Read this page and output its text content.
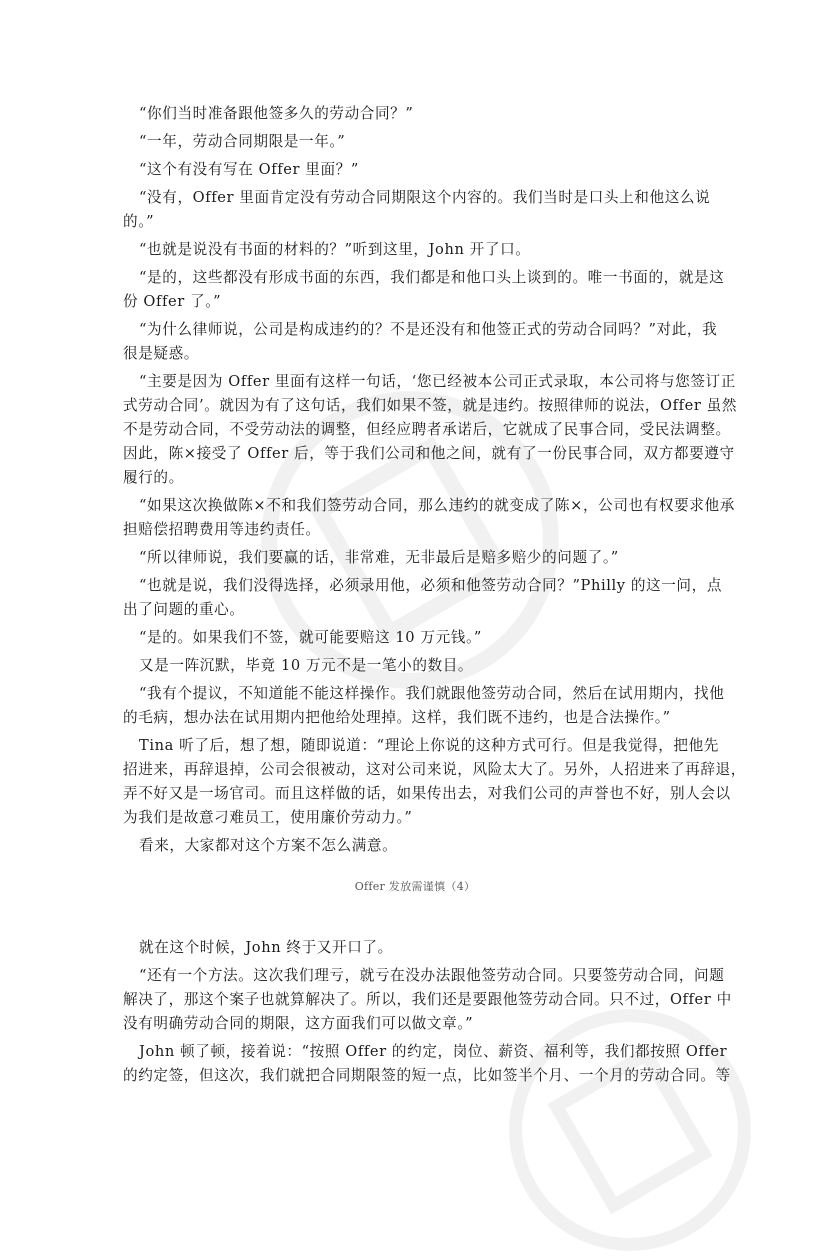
“你们当时准备跟他签多久的劳动合同？”
“一年，劳动合同期限是一年。”
“这个有没有写在 Offer 里面？”
“没有，Offer 里面肯定没有劳动合同期限这个内容的。我们当时是口头上和他这么说
的。”
“也就是说没有书面的材料的？”听到这里，John 开了口。
“是的，这些都没有形成书面的东西，我们都是和他口头上谈到的。唯一书面的，就是这
份 Offer 了。”
“为什么律师说，公司是构成违约的？不是还没有和他签正式的劳动合同吗？”对此，我
很是疑惑。
“主要是因为 Offer 里面有这样一句话，‘您已经被本公司正式录取，本公司将与您签订正
式劳动合同’。就因为有了这句话，我们如果不签，就是违约。按照律师的说法，Offer 虽然
不是劳动合同，不受劳动法的调整，但经应聘者承诺后，它就成了民事合同，受民法调整。
因此，陈×接受了 Offer 后，等于我们公司和他之间，就有了一份民事合同，双方都要遵守
履行的。
“如果这次换做陈×不和我们签劳动合同，那么违约的就变成了陈×，公司也有权要求他承
担赔偿招聘费用等违约责任。
“所以律师说，我们要赢的话，非常难，无非最后是赔多赔少的问题了。”
“也就是说，我们没得选择，必须录用他，必须和他签劳动合同？”Philly 的这一问，点
出了问题的重心。
“是的。如果我们不签，就可能要赔这 10 万元钱。”
又是一阵沉默，毕竟 10 万元不是一笔小的数目。
“我有个提议，不知道能不能这样操作。我们就跟他签劳动合同，然后在试用期内，找他
的毛病，想办法在试用期内把他给处理掉。这样，我们既不违约，也是合法操作。”
Tina 听了后，想了想，随即说道：“理论上你说的这种方式可行。但是我觉得，把他先
招进来，再辞退掉，公司会很被动，这对公司来说，风险太大了。另外，人招进来了再辞退，
弄不好又是一场官司。而且这样做的话，如果传出去，对我们公司的声誉也不好，别人会以
为我们是故意刁难员工，使用廉价劳动力。”
看来，大家都对这个方案不怎么满意。
Offer 发放需谨慎（4）
就在这个时候，John 终于又开口了。
“还有一个方法。这次我们理亏，就亏在没办法跟他签劳动合同。只要签劳动合同，问题
解决了，那这个案子也就算解决了。所以，我们还是要跟他签劳动合同。只不过，Offer 中
没有明确劳动合同的期限，这方面我们可以做文章。”
John 顿了顿，接着说：“按照 Offer 的约定，岗位、薪资、福利等，我们都按照 Offer
的约定签，但这次，我们就把合同期限签的短一点，比如签半个月、一个月的劳动合同。等
